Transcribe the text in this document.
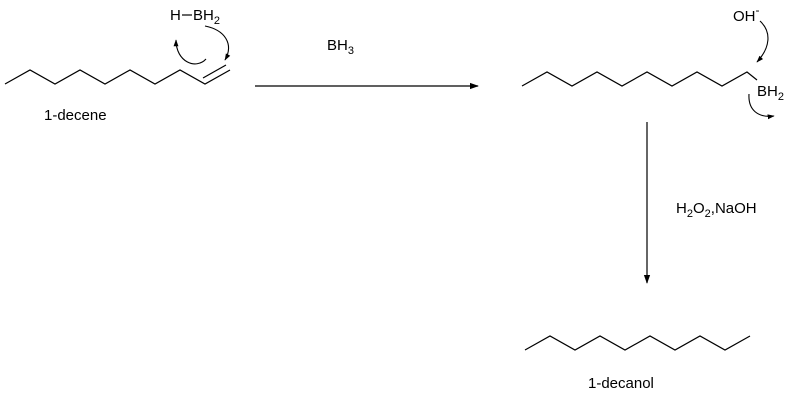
1-decene
H $BH_2$
$BH_3$
$BH_2$
OH-
$H_2O_2,NaOH$
1-decanol
